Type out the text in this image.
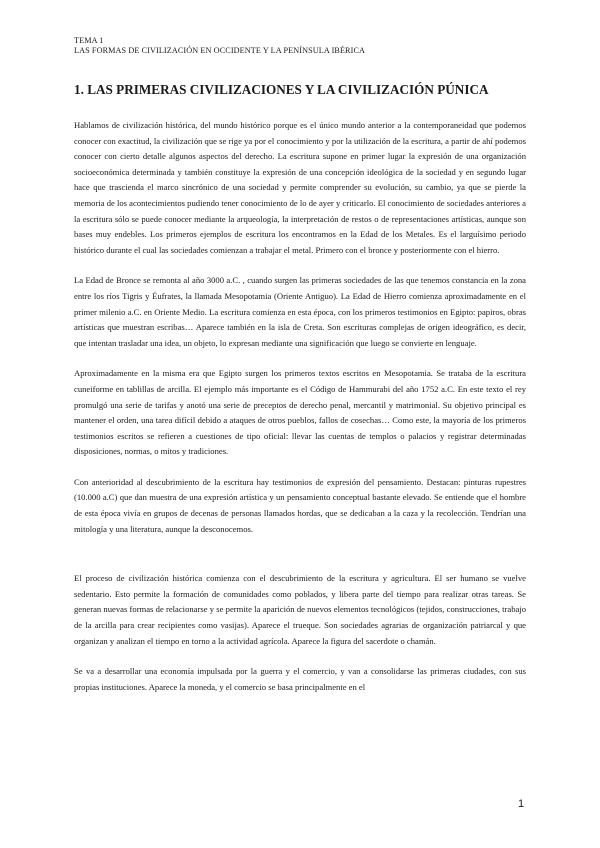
TEMA 1
LAS FORMAS DE CIVILIZACIÓN EN OCCIDENTE Y LA PENÍNSULA IBÉRICA
1. LAS PRIMERAS CIVILIZACIONES Y LA CIVILIZACIÓN PÚNICA

Hablamos de civilización histórica, del mundo histórico porque es el único mundo anterior a la contemporaneidad que podemos conocer con exactitud, la civilización que se rige ya por el conocimiento y por la utilización de la escritura, a partir de ahí podemos conocer con cierto detalle algunos aspectos del derecho. La escritura supone en primer lugar la expresión de una organización socioeconómica determinada y también constituye la expresión de una concepción ideológica de la sociedad y en segundo lugar hace que trascienda el marco sincrónico de una sociedad y permite comprender su evolución, su cambio, ya que se pierde la memoria de los acontecimientos pudiendo tener conocimiento de lo de ayer y criticarlo. El conocimiento de sociedades anteriores a la escritura sólo se puede conocer mediante la arqueología, la interpretación de restos o de representaciones artísticas, aunque son bases muy endebles. Los primeros ejemplos de escritura los encontramos en la Edad de los Metales. Es el larguísimo periodo histórico durante el cual las sociedades comienzan a trabajar el metal. Primero con el bronce y posteriormente con el hierro.

La Edad de Bronce se remonta al año 3000 a.C. , cuando surgen las primeras sociedades de las que tenemos constancia en la zona entre los ríos Tigris y Éufrates, la llamada Mesopotamia (Oriente Antiguo). La Edad de Hierro comienza aproximadamente en el primer milenio a.C. en Oriente Medio. La escritura comienza en esta época, con los primeros testimonios en Egipto: papiros, obras artísticas que muestran escribas… Aparece también en la isla de Creta. Son escrituras complejas de origen ideográfico, es decir, que intentan trasladar una idea, un objeto, lo expresan mediante una significación que luego se convierte en lenguaje.

Aproximadamente en la misma era que Egipto surgen los primeros textos escritos en Mesopotamia. Se trataba de la escritura cuneiforme en tablillas de arcilla. El ejemplo más importante es el Código de Hammurabi del año 1752 a.C. En este texto el rey promulgó una serie de tarifas y anotó una serie de preceptos de derecho penal, mercantil y matrimonial. Su objetivo principal es mantener el orden, una tarea difícil debido a ataques de otros pueblos, fallos de cosechas… Como este, la mayoría de los primeros testimonios escritos se refieren a cuestiones de tipo oficial: llevar las cuentas de templos o palacios y registrar determinadas disposiciones, normas, o mitos y tradiciones.

Con anterioridad al descubrimiento de la escritura hay testimonios de expresión del pensamiento. Destacan: pinturas rupestres (10.000 a.C) que dan muestra de una expresión artística y un pensamiento conceptual bastante elevado. Se entiende que el hombre de esta época vivía en grupos de decenas de personas llamados hordas, que se dedicaban a la caza y la recolección. Tendrían una mitología y una literatura, aunque la desconocemos.

El proceso de civilización histórica comienza con el descubrimiento de la escritura y agricultura. El ser humano se vuelve sedentario. Esto permite la formación de comunidades como poblados, y libera parte del tiempo para realizar otras tareas. Se generan nuevas formas de relacionarse y se permite la aparición de nuevos elementos tecnológicos (tejidos, construcciones, trabajo de la arcilla para crear recipientes como vasijas). Aparece el trueque. Son sociedades agrarias de organización patriarcal y que organizan y analizan el tiempo en torno a la actividad agrícola. Aparece la figura del sacerdote o chamán.

Se va a desarrollar una economía impulsada por la guerra y el comercio, y van a consolidarse las primeras ciudades, con sus propias instituciones. Aparece la moneda, y el comercio se basa principalmente en el

1
